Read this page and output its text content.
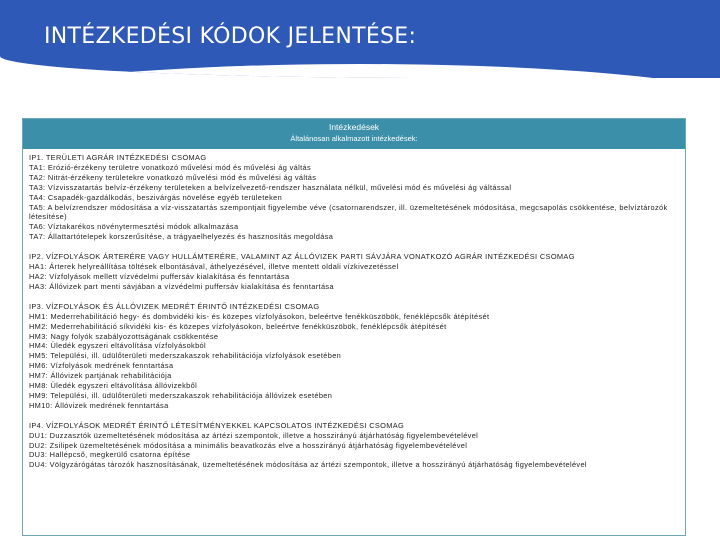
INTÉZKEDÉSI KÓDOK JELENTÉSE:
Intézkedések
Általánosan alkalmazott intézkedések:
IP1. TERÜLETI AGRÁR INTÉZKEDÉSI CSOMAG
TA1: Erózió-érzékeny területre vonatkozó művelési mód és művelési ág váltás
TA2: Nitrát-érzékeny területekre vonatkozó művelési mód és művelési ág váltás
TA3: Vízvisszatartás belvíz-érzékeny területeken a belvízelvezető-rendszer használata nélkül, művelési mód és művelési ág váltással
TA4: Csapadék-gazdálkodás, beszivárgás növelése egyéb területeken
TA5: A belvízrendszer módosítása a víz-visszatartás szempontjait figyelembe véve (csatornarendszer, ill. üzemeltetésének módosítása, megcsapolás csökkentése, belvíztározók létesítése)
TA6: Víztakarékos növénytermesztési módok alkalmazása
TA7: Állattartótelepek korszerűsítése, a trágyaelhelyezés és hasznosítás megoldása
IP2. VÍZFOLYÁSOK ÁRTERÉRE VAGY HULLÁMTERÉRE, VALAMINT AZ ÁLLÓVIZEK PARTI SÁVJÁRA VONATKOZÓ AGRÁR INTÉZKEDÉSI CSOMAG
HA1: Árterek helyreállítása töltések elbontásával, áthelyezésével, illetve mentett oldali vízkivezetéssel
HA2: Vízfolyások mellett vízvédelmi puffersáv kialakítása és fenntartása
HA3: Állóvizek part menti sávjában a vízvédelmi puffersáv kialakítása és fenntartása
IP3. VÍZFOLYÁSOK ÉS ÁLLÓVIZEK MEDRÉT ÉRINTŐ INTÉZKEDÉSI CSOMAG
HM1: Mederrehabilitáció hegy- és dombvidéki kis- és közepes vízfolyásokon, beleértve fenékküszöbök, fenéklépcsők átépítését
HM2: Mederrehabilitáció síkvidéki kis- és közepes vízfolyásokon, beleértve fenékküszöbök, fenéklépcsők átépítését
HM3: Nagy folyók szabályozottságának csökkentése
HM4: Üledék egyszeri eltávolítása vízfolyásokból
HM5: Települési, ill. üdülőterületi mederszakaszok rehabilitációja vízfolyások esetében
HM6: Vízfolyások medrének fenntartása
HM7: Állóvizek partjának rehabilitációja
HM8: Üledék egyszeri eltávolítása állóvizekből
HM9: Települési, ill. üdülőterületi mederszakaszok rehabilitációja állóvizek esetében
HM10: Állóvizek medrének fenntartása
IP4. VÍZFOLYÁSOK MEDRÉT ÉRINTŐ LÉTESÍTMÉNYEKKEL KAPCSOLATOS INTÉZKEDÉSI CSOMAG
DU1: Duzzasztók üzemeltetésének módosítása az ártézi szempontok, illetve a hosszirányú átjárhatóság figyelembevételével
DU2: Zsilipek üzemeltetésének módosítása a minimális beavatkozás elve a hosszirányú átjárhatóság figyelembevételével
DU3: Hallépcső, megkerülő csatorna építése
DU4: Völgyzárógátas tározók hasznosításának, üzemeltetésének módosítása az ártézi szempontok, illetve a hosszirányú átjárhatóság figyelembevételével
